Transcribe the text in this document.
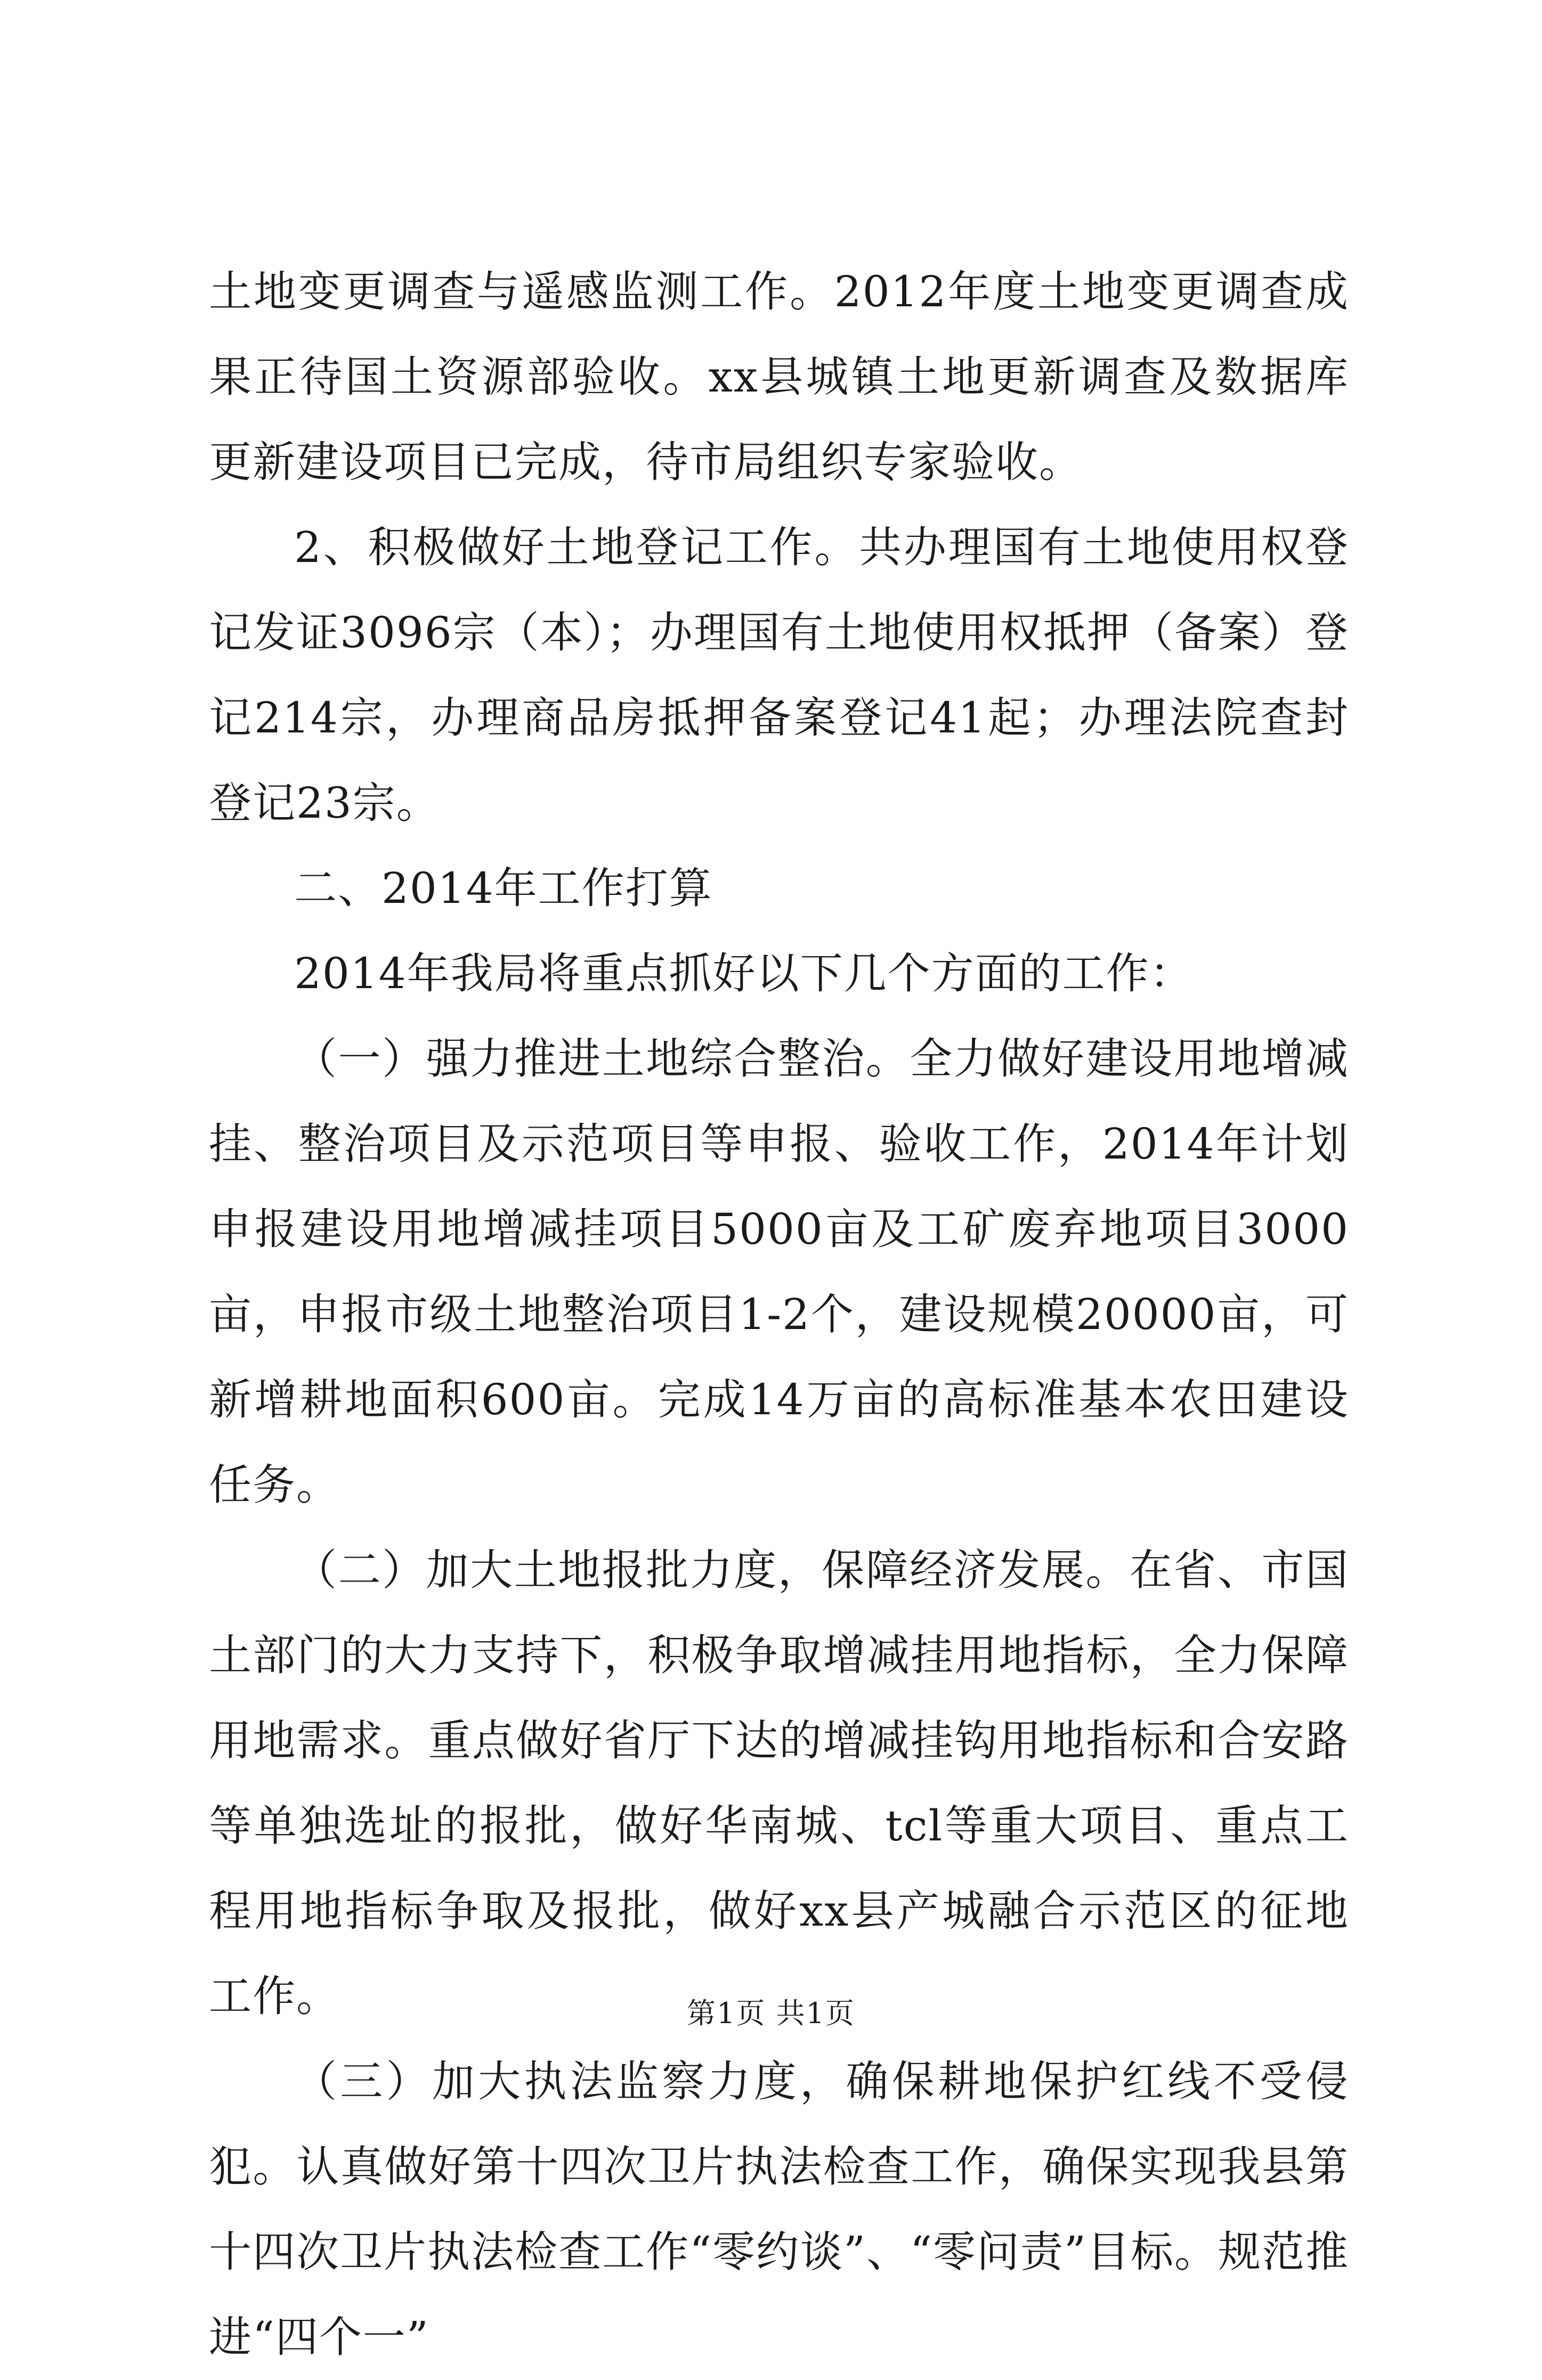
土地变更调查与遥感监测工作。2012年度土地变更调查成果正待国土资源部验收。xx县城镇土地更新调查及数据库更新建设项目已完成，待市局组织专家验收。

2、积极做好土地登记工作。共办理国有土地使用权登记发证3096宗（本）；办理国有土地使用权抵押（备案）登记214宗，办理商品房抵押备案登记41起；办理法院查封登记23宗。

二、2014年工作打算

2014年我局将重点抓好以下几个方面的工作：

（一）强力推进土地综合整治。全力做好建设用地增减挂、整治项目及示范项目等申报、验收工作，2014年计划申报建设用地增减挂项目5000亩及工矿废弃地项目3000亩，申报市级土地整治项目1-2个，建设规模20000亩，可新增耕地面积600亩。完成14万亩的高标准基本农田建设任务。

（二）加大土地报批力度，保障经济发展。在省、市国土部门的大力支持下，积极争取增减挂用地指标，全力保障用地需求。重点做好省厅下达的增减挂钩用地指标和合安路等单独选址的报批，做好华南城、tcl等重大项目、重点工程用地指标争取及报批，做好xx县产城融合示范区的征地工作。

（三）加大执法监察力度，确保耕地保护红线不受侵犯。认真做好第十四次卫片执法检查工作，确保实现我县第十四次卫片执法检查工作“零约谈”、“零问责”目标。规范推进“四个一”

第1页 共1页
